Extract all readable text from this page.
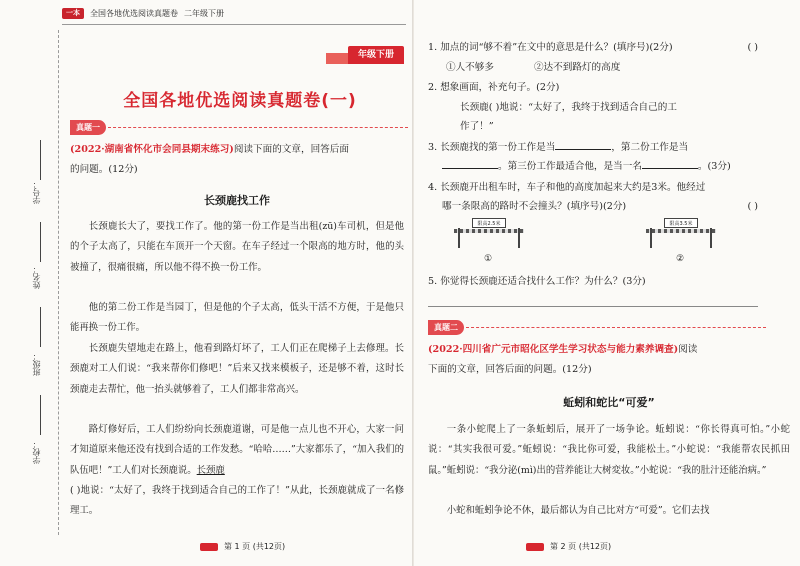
一本	全国各地优选阅读真题卷 二年级下册
年级下册
学号：
姓名：
班级：
学校：
全国各地优选阅读真题卷(一)
真题一
(2022·湖南省怀化市会同县期末练习)阅读下面的文章，回答后面
的问题。(12分)
长颈鹿找工作
长颈鹿长大了，要找工作了。他的第一份工作是当出租(zū)车司机，但是他的个子太高了，只能在车顶开一个天窗。在车子经过一个限高的地方时，他的头被撞了，很痛很痛，所以他不得不换一份工作。
他的第二份工作是当园丁，但是他的个子太高，低头干活不方便，于是他只能再换一份工作。
长颈鹿失望地走在路上，他看到路灯坏了，工人们正在爬梯子上去修理。长颈鹿对工人们说：“我来帮你们修吧！”后来又找来模板子，还是够不着，这时长颈鹿走去帮忙，他一抬头就够着了，工人们都非常高兴。
路灯修好后，工人们纷纷向长颈鹿道谢，可是他一点儿也不开心，大家一问才知道原来他还没有找到合适的工作发愁。“哈哈……”大家都乐了，“加入我们的队伍吧！”工人们对长颈鹿说。长颈鹿
( )地说：“太好了，我终于找到适合自己的工作了！”从此，长颈鹿就成了一名修理工。
第 1 页 (共12页)
1. 加点的词“够不着”在文中的意思是什么？(填序号)(2分)	( )
①人不够多	②达不到路灯的高度
2. 想象画面，补充句子。(2分)
长颈鹿( )地说：“太好了，我终于找到适合自己的工
作了！”
3. 长颈鹿找的第一份工作是当	，第二份工作是当
。第三份工作最适合他，是当一名	。(3分)
4. 长颈鹿开出租车时，车子和他的高度加起来大约是3米。他经过
哪一条限高的路时不会撞头？(填序号)(2分)	( )
限高2.5米
①
限高3.5米
②
5. 你觉得长颈鹿还适合找什么工作？为什么？(3分)
真题二
(2022·四川省广元市昭化区学生学习状态与能力素养调查)阅读
下面的文章，回答后面的问题。(12分)
蚯蚓和蛇比“可爱”
一条小蛇爬上了一条蚯蚓后，展开了一场争论。蚯蚓说：“你长得真可怕。”小蛇说：“其实我很可爱。”蚯蚓说：“我比你可爱，我能松土。”小蛇说：“我能帮农民抓田鼠。”蚯蚓说：“我分泌(mì)出的营养能让大树変妆。”小蛇说：“我的肚汁还能治病。”
小蛇和蚯蚓争论不休，最后都认为自己比对方“可爱”。它们去找
第 2 页 (共12页)
